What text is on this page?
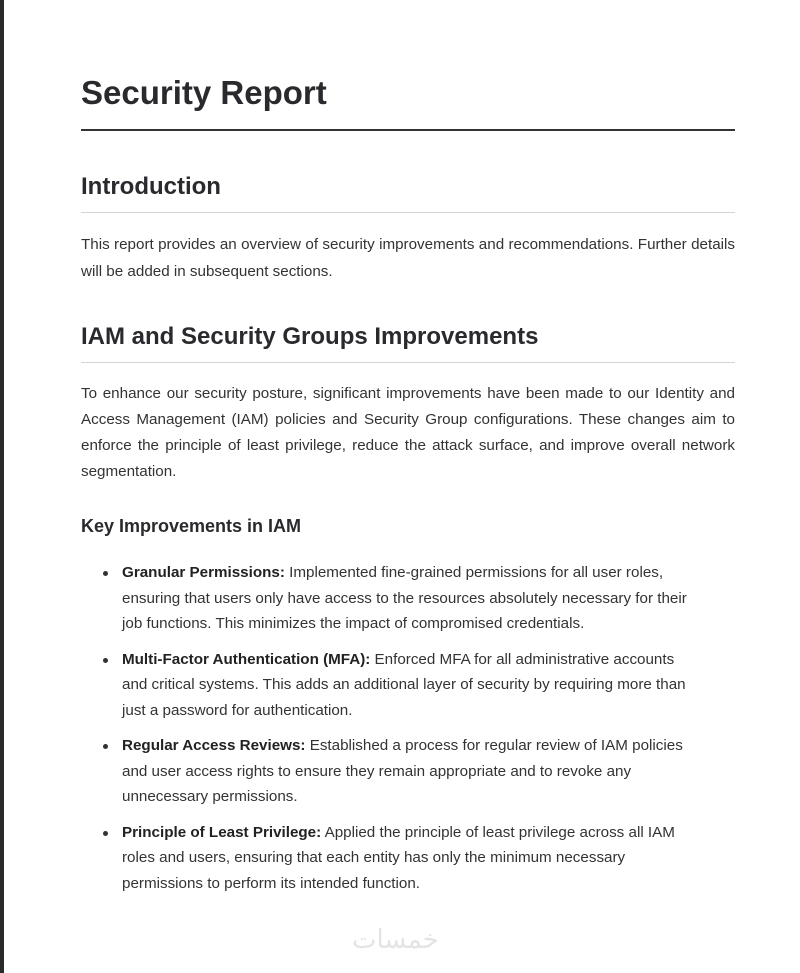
Security Report
Introduction

This report provides an overview of security improvements and recommendations. Further details will be added in subsequent sections.

IAM and Security Groups Improvements

To enhance our security posture, significant improvements have been made to our Identity and Access Management (IAM) policies and Security Group configurations. These changes aim to enforce the principle of least privilege, reduce the attack surface, and improve overall network segmentation.

Key Improvements in IAM
Granular Permissions: Implemented fine-grained permissions for all user roles, ensuring that users only have access to the resources absolutely necessary for their job functions. This minimizes the impact of compromised credentials.
Multi-Factor Authentication (MFA): Enforced MFA for all administrative accounts and critical systems. This adds an additional layer of security by requiring more than just a password for authentication.
Regular Access Reviews: Established a process for regular review of IAM policies and user access rights to ensure they remain appropriate and to revoke any unnecessary permissions.
Principle of Least Privilege: Applied the principle of least privilege across all IAM roles and users, ensuring that each entity has only the minimum necessary permissions to perform its intended function.
خمسات
